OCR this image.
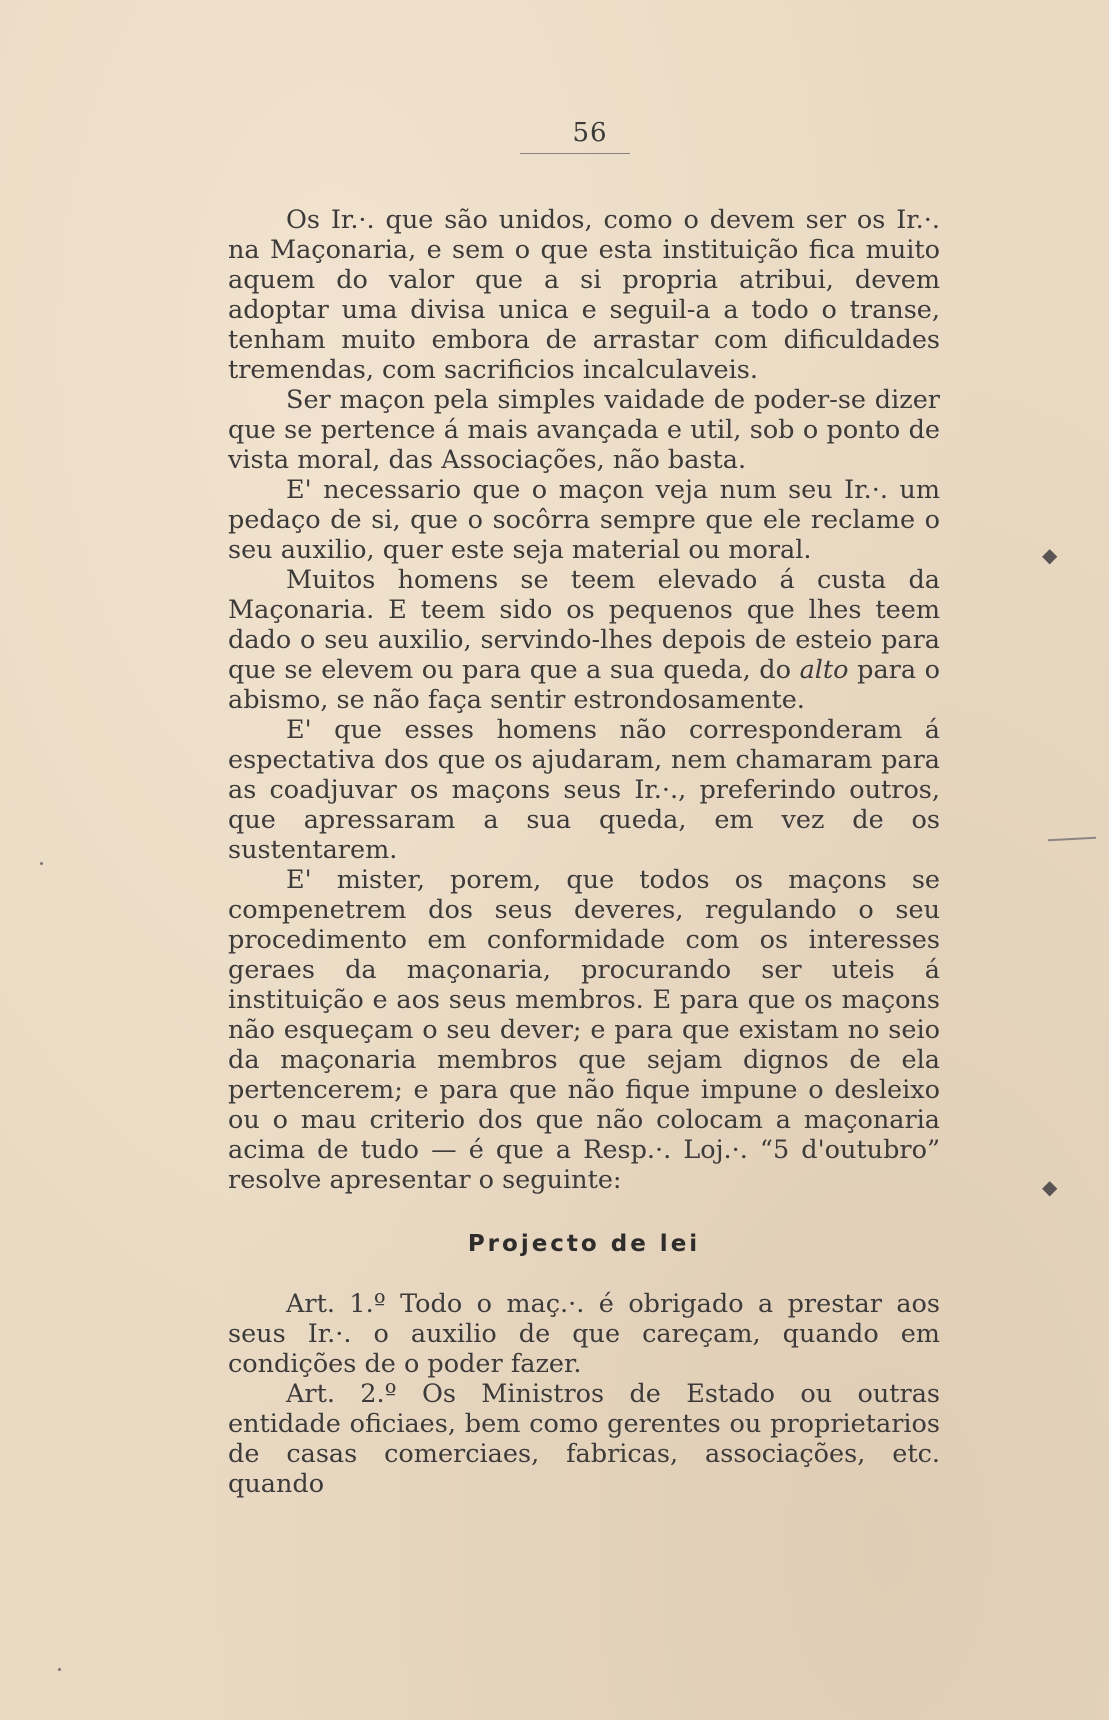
56

Os Ir.·. que são unidos, como o devem ser os Ir.·. na Maçonaria, e sem o que esta instituição fica muito aquem do valor que a si propria atribui, devem adoptar uma divisa unica e seguil-a a todo o transe, tenham muito embora de arrastar com dificuldades tremendas, com sacrificios incalculaveis.

Ser maçon pela simples vaidade de poder-se dizer que se pertence á mais avançada e util, sob o ponto de vista moral, das Associações, não basta.

E' necessario que o maçon veja num seu Ir.·. um pedaço de si, que o socôrra sempre que ele reclame o seu auxilio, quer este seja material ou moral.

Muitos homens se teem elevado á custa da Maçonaria. E teem sido os pequenos que lhes teem dado o seu auxilio, servindo-lhes depois de esteio para que se elevem ou para que a sua queda, do alto para o abismo, se não faça sentir estrondosamente.

E' que esses homens não corresponderam á espectativa dos que os ajudaram, nem chamaram para as coadjuvar os maçons seus Ir.·., preferindo outros, que apressaram a sua queda, em vez de os sustentarem.

E' mister, porem, que todos os maçons se compenetrem dos seus deveres, regulando o seu procedimento em conformidade com os interesses geraes da maçonaria, procurando ser uteis á instituição e aos seus membros. E para que os maçons não esqueçam o seu dever; e para que existam no seio da maçonaria membros que sejam dignos de ela pertencerem; e para que não fique impune o desleixo ou o mau criterio dos que não colocam a maçonaria acima de tudo — é que a Resp.·. Loj.·. “5 d'outubro” resolve apresentar o seguinte:

Projecto de lei

Art. 1.º Todo o maç.·. é obrigado a prestar aos seus Ir.·. o auxilio de que careçam, quando em condições de o poder fazer.

Art. 2.º Os Ministros de Estado ou outras entidade oficiaes, bem como gerentes ou proprietarios de casas comerciaes, fabricas, associações, etc. quando

◆
◆
